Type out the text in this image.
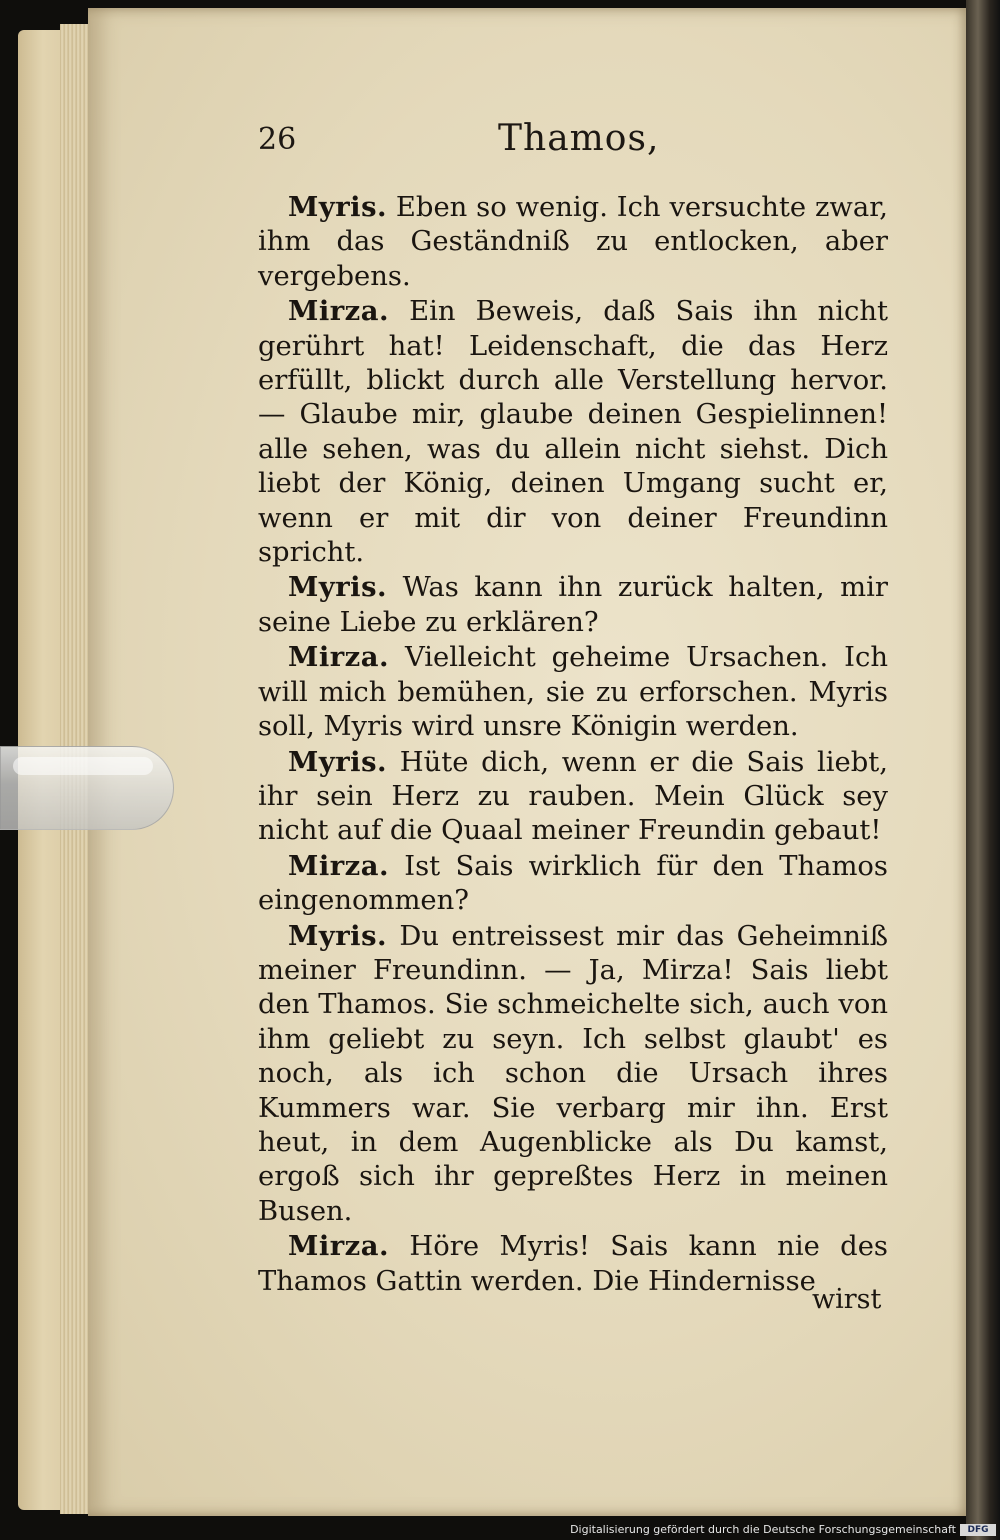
26	Thamos,

Myris. Eben so wenig. Ich versuchte zwar, ihm das Geständniß zu entlocken, aber vergebens.

Mirza. Ein Beweis, daß Sais ihn nicht gerührt hat! Leidenschaft, die das Herz erfüllt, blickt durch alle Verstellung hervor. — Glaube mir, glaube deinen Gespielinnen! alle sehen, was du allein nicht siehst. Dich liebt der König, deinen Umgang sucht er, wenn er mit dir von deiner Freundinn spricht.

Myris. Was kann ihn zurück halten, mir seine Liebe zu erklären?

Mirza. Vielleicht geheime Ursachen. Ich will mich bemühen, sie zu erforschen. Myris soll, Myris wird unsre Königin werden.

Myris. Hüte dich, wenn er die Sais liebt, ihr sein Herz zu rauben. Mein Glück sey nicht auf die Quaal meiner Freundin gebaut!

Mirza. Ist Sais wirklich für den Thamos eingenommen?

Myris. Du entreissest mir das Geheimniß meiner Freundinn. — Ja, Mirza! Sais liebt den Thamos. Sie schmeichelte sich, auch von ihm geliebt zu seyn. Ich selbst glaubt' es noch, als ich schon die Ursach ihres Kummers war. Sie verbarg mir ihn. Erst heut, in dem Augenblicke als Du kamst, ergoß sich ihr gepreßtes Herz in meinen Busen.

Mirza. Höre Myris! Sais kann nie des Thamos Gattin werden. Die Hindernisse

wirst
Digitalisierung gefördert durch die Deutsche Forschungsgemeinschaft	DFG
